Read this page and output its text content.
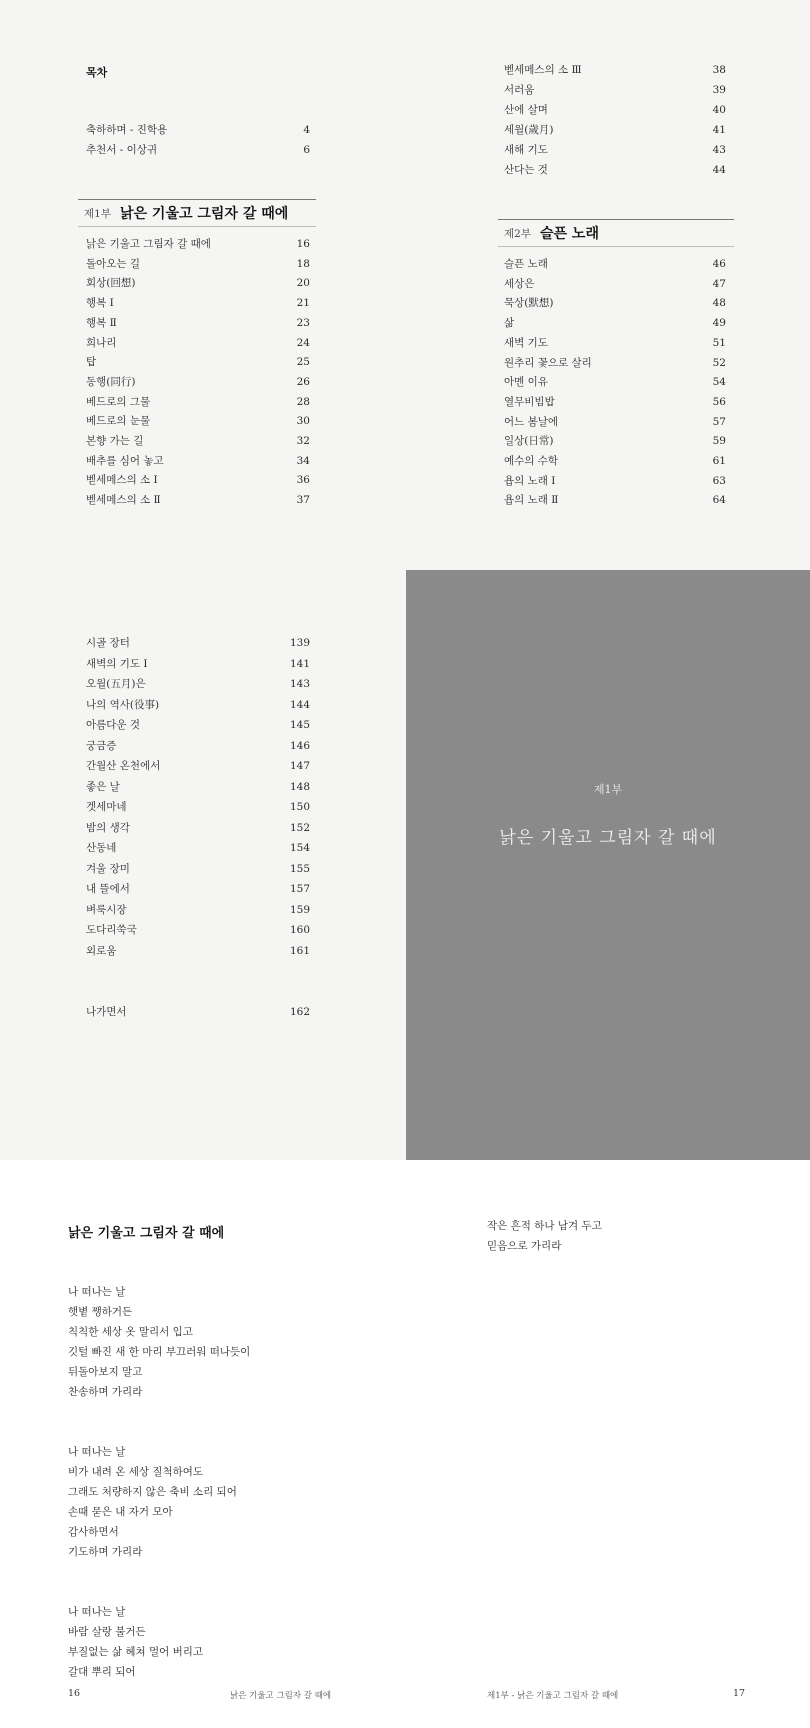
목차
축하하며 - 진학용	4
추천서 - 이상귀	6
제1부 낡은 기울고 그림자 갈 때에
낡은 기울고 그림자 갈 때에	16
돌아오는 길	18
회상(回想)	20
행복 Ⅰ	21
행복 Ⅱ	23
희나리	24
탑	25
동행(同行)	26
베드로의 그물	28
베드로의 눈물	30
본향 가는 길	32
배추를 심어 놓고	34
벧세메스의 소 Ⅰ	36
벧세메스의 소 Ⅱ	37
벧세메스의 소 Ⅲ	38
서러움	39
산에 살며	40
세월(歲月)	41
새해 기도	43
산다는 것	44
제2부 슬픈 노래
슬픈 노래	46
세상은	47
묵상(默想)	48
삶	49
새벽 기도	51
원추리 꽃으로 살리	52
아멘 이유	54
열무비빔밥	56
어느 봄날에	57
일상(日常)	59
예수의 수학	61
욥의 노래 Ⅰ	63
욥의 노래 Ⅱ	64
시골 장터	139
새벽의 기도 Ⅰ	141
오월(五月)은	143
나의 역사(役事)	144
아름다운 것	145
궁금증	146
간월산 온천에서	147
좋은 날	148
겟세마네	150
밤의 생각	152
산동네	154
겨울 장미	155
내 뜰에서	157
벼룩시장	159
도다리쑥국	160
외로움	161
나가면서	162
제1부
낡은 기울고 그림자 갈 때에
낡은 기울고 그림자 갈 때에
나 떠나는 날
햇볕 쨍하거든
칙칙한 세상 옷 말리서 입고
깃털 빠진 새 한 마리 부끄러워 떠나듯이
뒤돌아보지 말고
찬송하며 가리라
나 떠나는 날
비가 내려 온 세상 질척하여도
그래도 처량하지 않은 축비 소리 되어
손때 묻은 내 자거 모아
감사하면서
기도하며 가리라
나 떠나는 날
바람 살랑 불거든
부질없는 삶 헤쳐 멀어 버리고
갈대 뿌리 되어
작은 흔적 하나 남겨 두고
믿음으로 가리라
16	낡은 기울고 그림자 갈 때에	제1부 - 낡은 기울고 그림자 갈 때에	17
